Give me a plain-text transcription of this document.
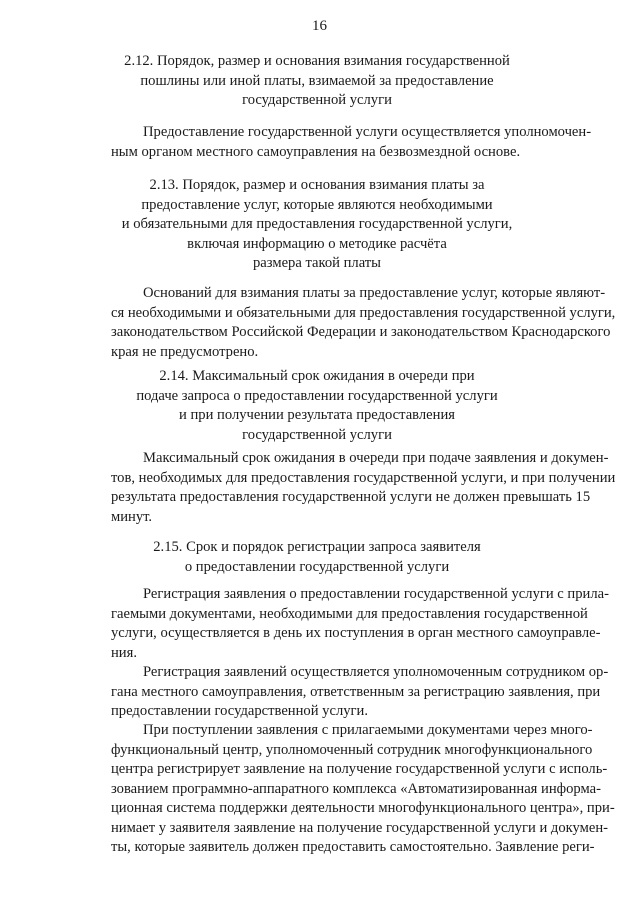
16
2.12. Порядок, размер и основания взимания государственной
пошлины или иной платы, взимаемой за предоставление
государственной услуги
Предоставление государственной услуги осуществляется уполномочен-
ным органом местного самоуправления на безвозмездной основе.
2.13. Порядок, размер и основания взимания платы за
предоставление услуг, которые являются необходимыми
и обязательными для предоставления государственной услуги,
включая информацию о методике расчёта
размера такой платы
Оснований для взимания платы за предоставление услуг, которые являют-
ся необходимыми и обязательными для предоставления государственной услуги,
законодательством Российской Федерации и законодательством Краснодарского
края не предусмотрено.
2.14. Максимальный срок ожидания в очереди при
подаче запроса о предоставлении государственной услуги
и при получении результата предоставления
государственной услуги
Максимальный срок ожидания в очереди при подаче заявления и докумен-
тов, необходимых для предоставления государственной услуги, и при получении
результата предоставления государственной услуги не должен превышать 15
минут.
2.15. Срок и порядок регистрации запроса заявителя
о предоставлении государственной услуги
Регистрация заявления о предоставлении государственной услуги с прила-
гаемыми документами, необходимыми для предоставления государственной
услуги, осуществляется в день их поступления в орган местного самоуправле-
ния.
Регистрация заявлений осуществляется уполномоченным сотрудником ор-
гана местного самоуправления, ответственным за регистрацию заявления, при
предоставлении государственной услуги.
При поступлении заявления с прилагаемыми документами через много-
функциональный центр, уполномоченный сотрудник многофункционального
центра регистрирует заявление на получение государственной услуги с исполь-
зованием программно-аппаратного комплекса «Автоматизированная информа-
ционная система поддержки деятельности многофункционального центра», при-
нимает у заявителя заявление на получение государственной услуги и докумен-
ты, которые заявитель должен предоставить самостоятельно. Заявление реги-
